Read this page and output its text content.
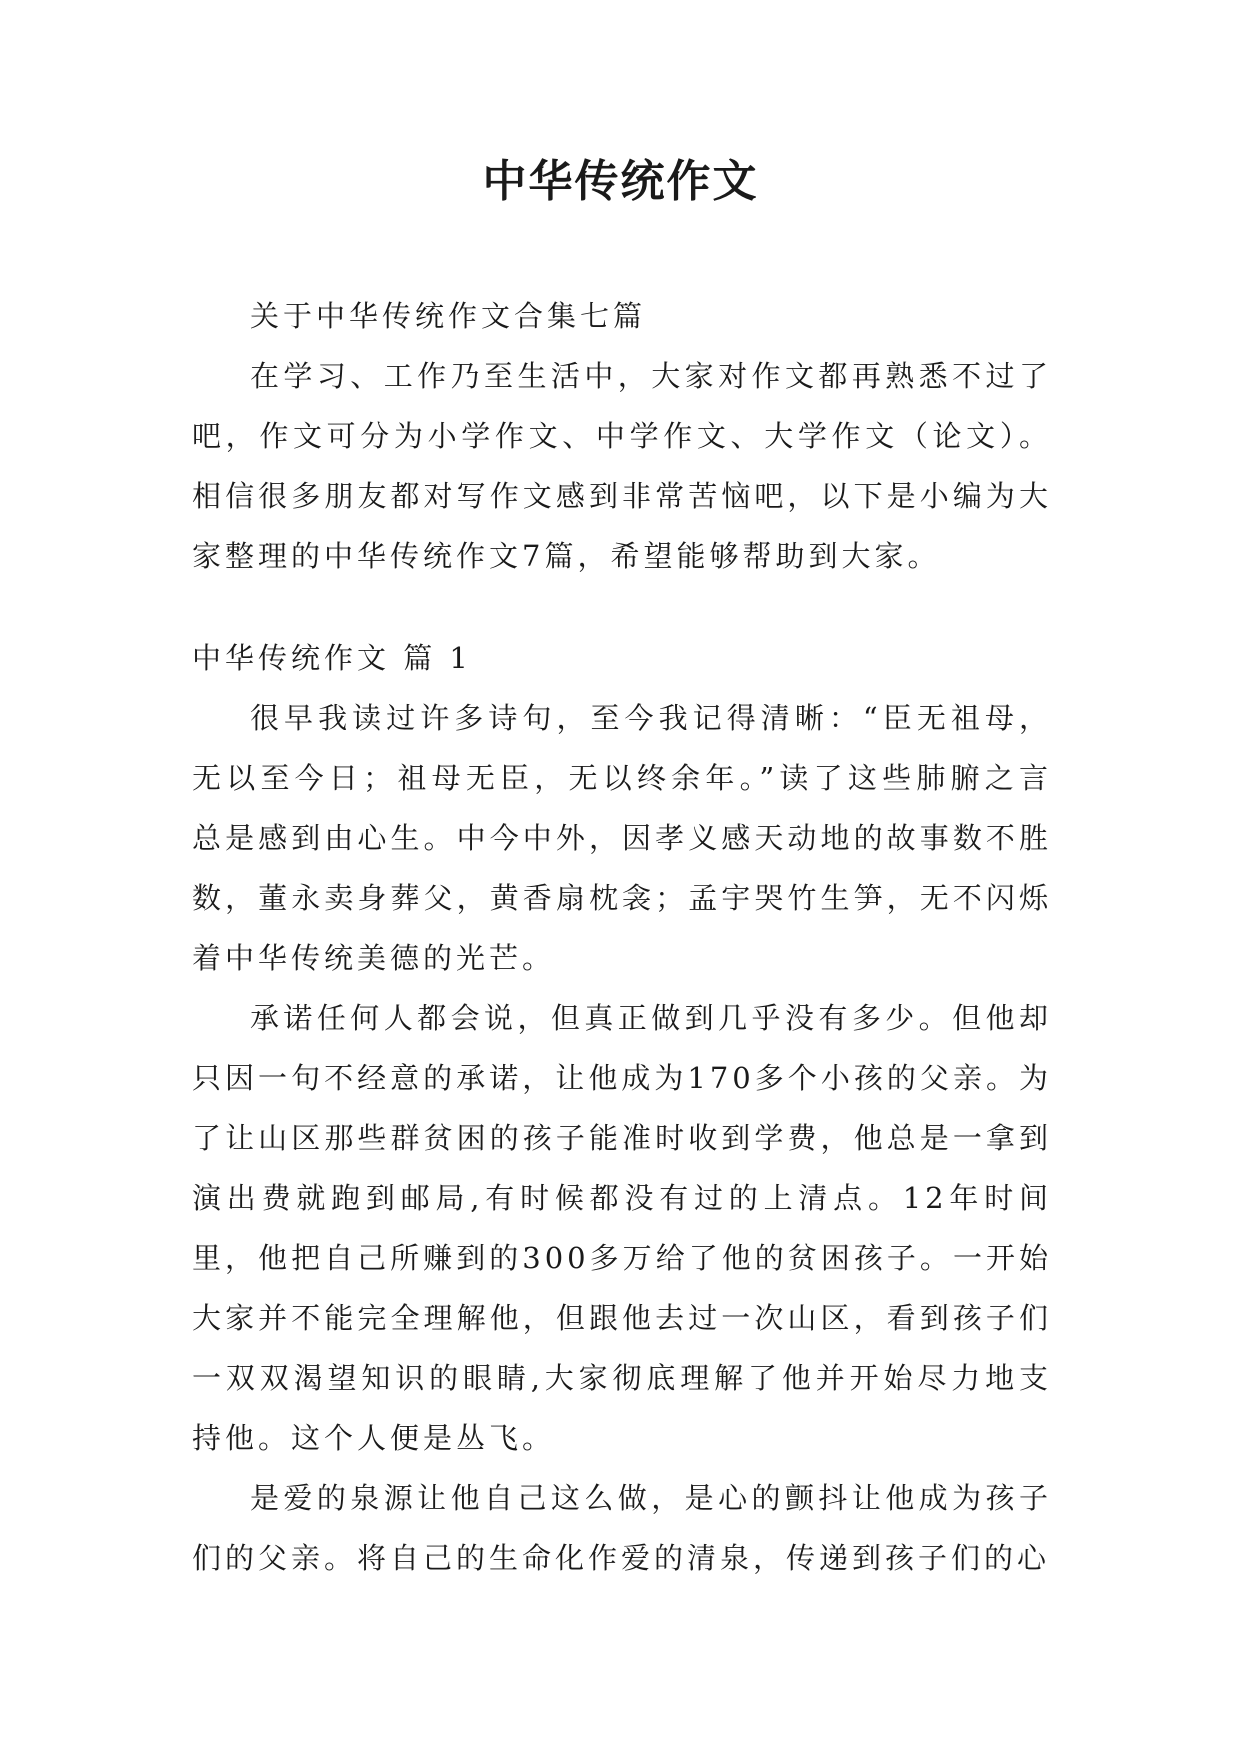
中华传统作文

关于中华传统作文合集七篇

在学习、工作乃至生活中，大家对作文都再熟悉不过了吧，作文可分为小学作文、中学作文、大学作文（论文）。相信很多朋友都对写作文感到非常苦恼吧，以下是小编为大家整理的中华传统作文7篇，希望能够帮助到大家。

中华传统作文 篇 1

很早我读过许多诗句，至今我记得清晰：“臣无祖母，无以至今日；祖母无臣，无以终余年。”读了这些肺腑之言总是感到由心生。中今中外，因孝义感天动地的故事数不胜数，董永卖身葬父，黄香扇枕衾；孟宇哭竹生笋，无不闪烁着中华传统美德的光芒。

承诺任何人都会说，但真正做到几乎没有多少。但他却只因一句不经意的承诺，让他成为170多个小孩的父亲。为了让山区那些群贫困的孩子能准时收到学费，他总是一拿到演出费就跑到邮局,有时候都没有过的上清点。12年时间里，他把自己所赚到的300多万给了他的贫困孩子。一开始大家并不能完全理解他，但跟他去过一次山区，看到孩子们一双双渴望知识的眼睛,大家彻底理解了他并开始尽力地支持他。这个人便是丛飞。

是爱的泉源让他自己这么做，是心的颤抖让他成为孩子们的父亲。将自己的生命化作爱的清泉，传递到孩子们的心
